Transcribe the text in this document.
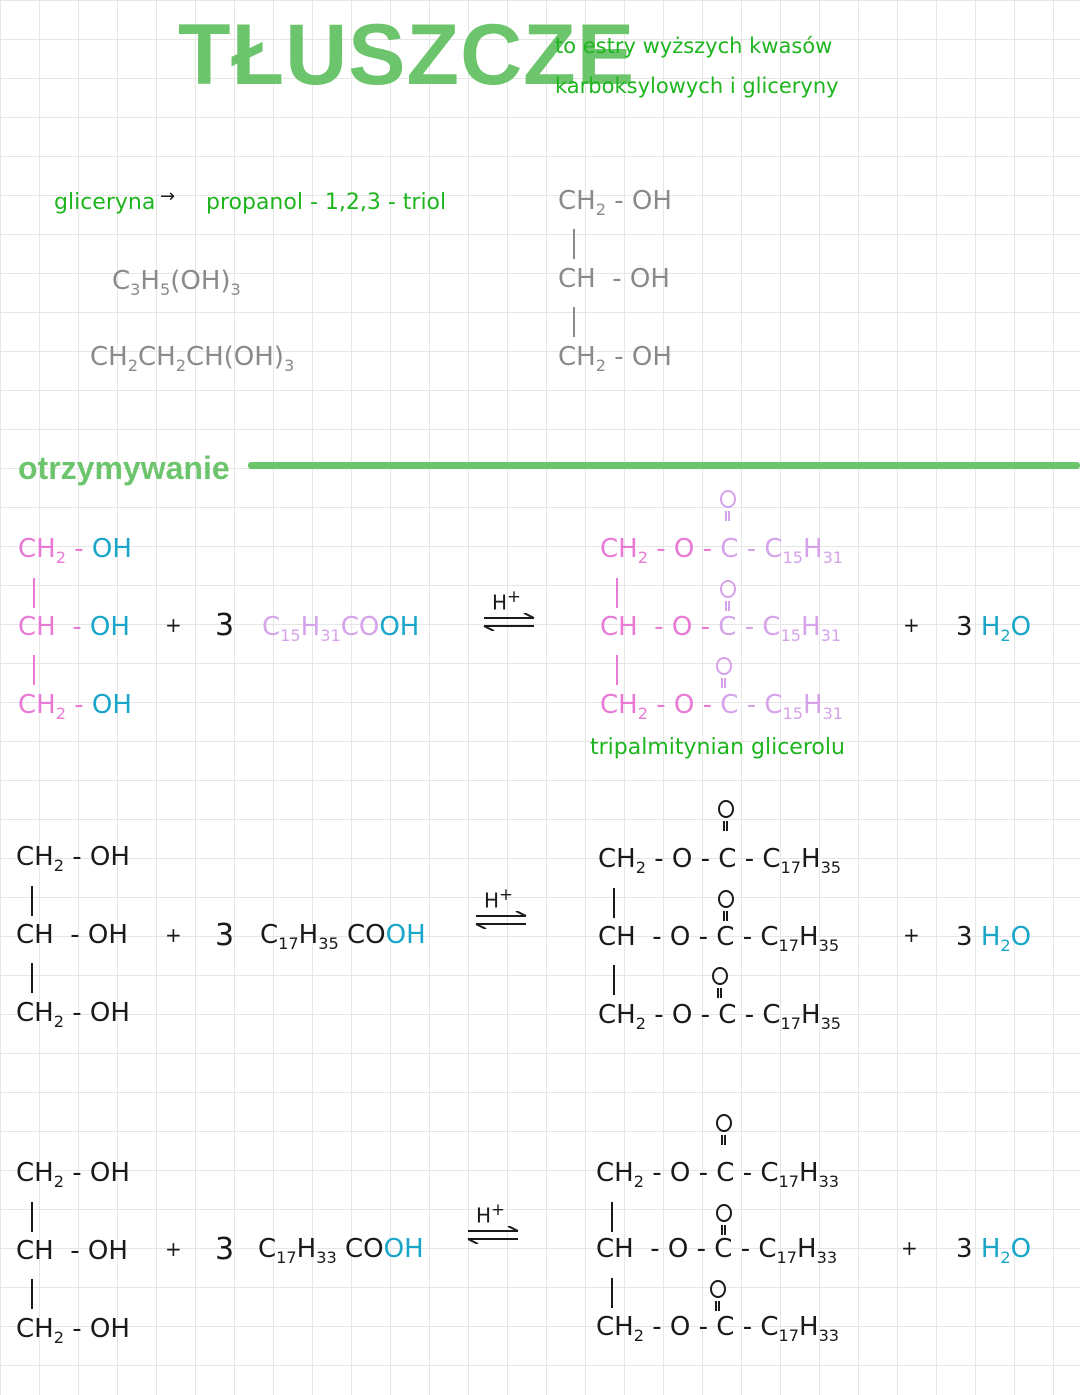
TŁUSZCZE
to estry wyższych kwasów
karboksylowych i gliceryny
gliceryna → propanol - 1,2,3 - triol
$C_3H_5(OH)_3$
$CH_2CH_2CH(OH)_3$
$CH_2$ - OH
CH - OH
$CH_2$ - OH
otrzymywanie
$CH_2$ - OH
CH - OH
$CH_2$ - OH
+ 3 $C_{15}H_{31}COOH$
H+
$CH_2$ - O - C - $C_{15}H_{31}$
CH - O - C - $C_{15}H_{31}$
$CH_2$ - O - C - $C_{15}H_{31}$
tripalmitynian glicerolu
+ 3 $H_2O$
$CH_2$ - OH
CH - OH
$CH_2$ - OH
+ 3 $C_{17}H_{35}$ COOH
H+
$CH_2$ - O - C - $C_{17}H_{35}$
CH - O - C - $C_{17}H_{35}$
$CH_2$ - O - C - $C_{17}H_{35}$
+ 3 $H_2O$
$CH_2$ - OH
CH - OH
$CH_2$ - OH
+ 3 $C_{17}H_{33}$ COOH
H+
$CH_2$ - O - C - $C_{17}H_{33}$
CH - O - C - $C_{17}H_{33}$
$CH_2$ - O - C - $C_{17}H_{33}$
+ 3 $H_2O$
